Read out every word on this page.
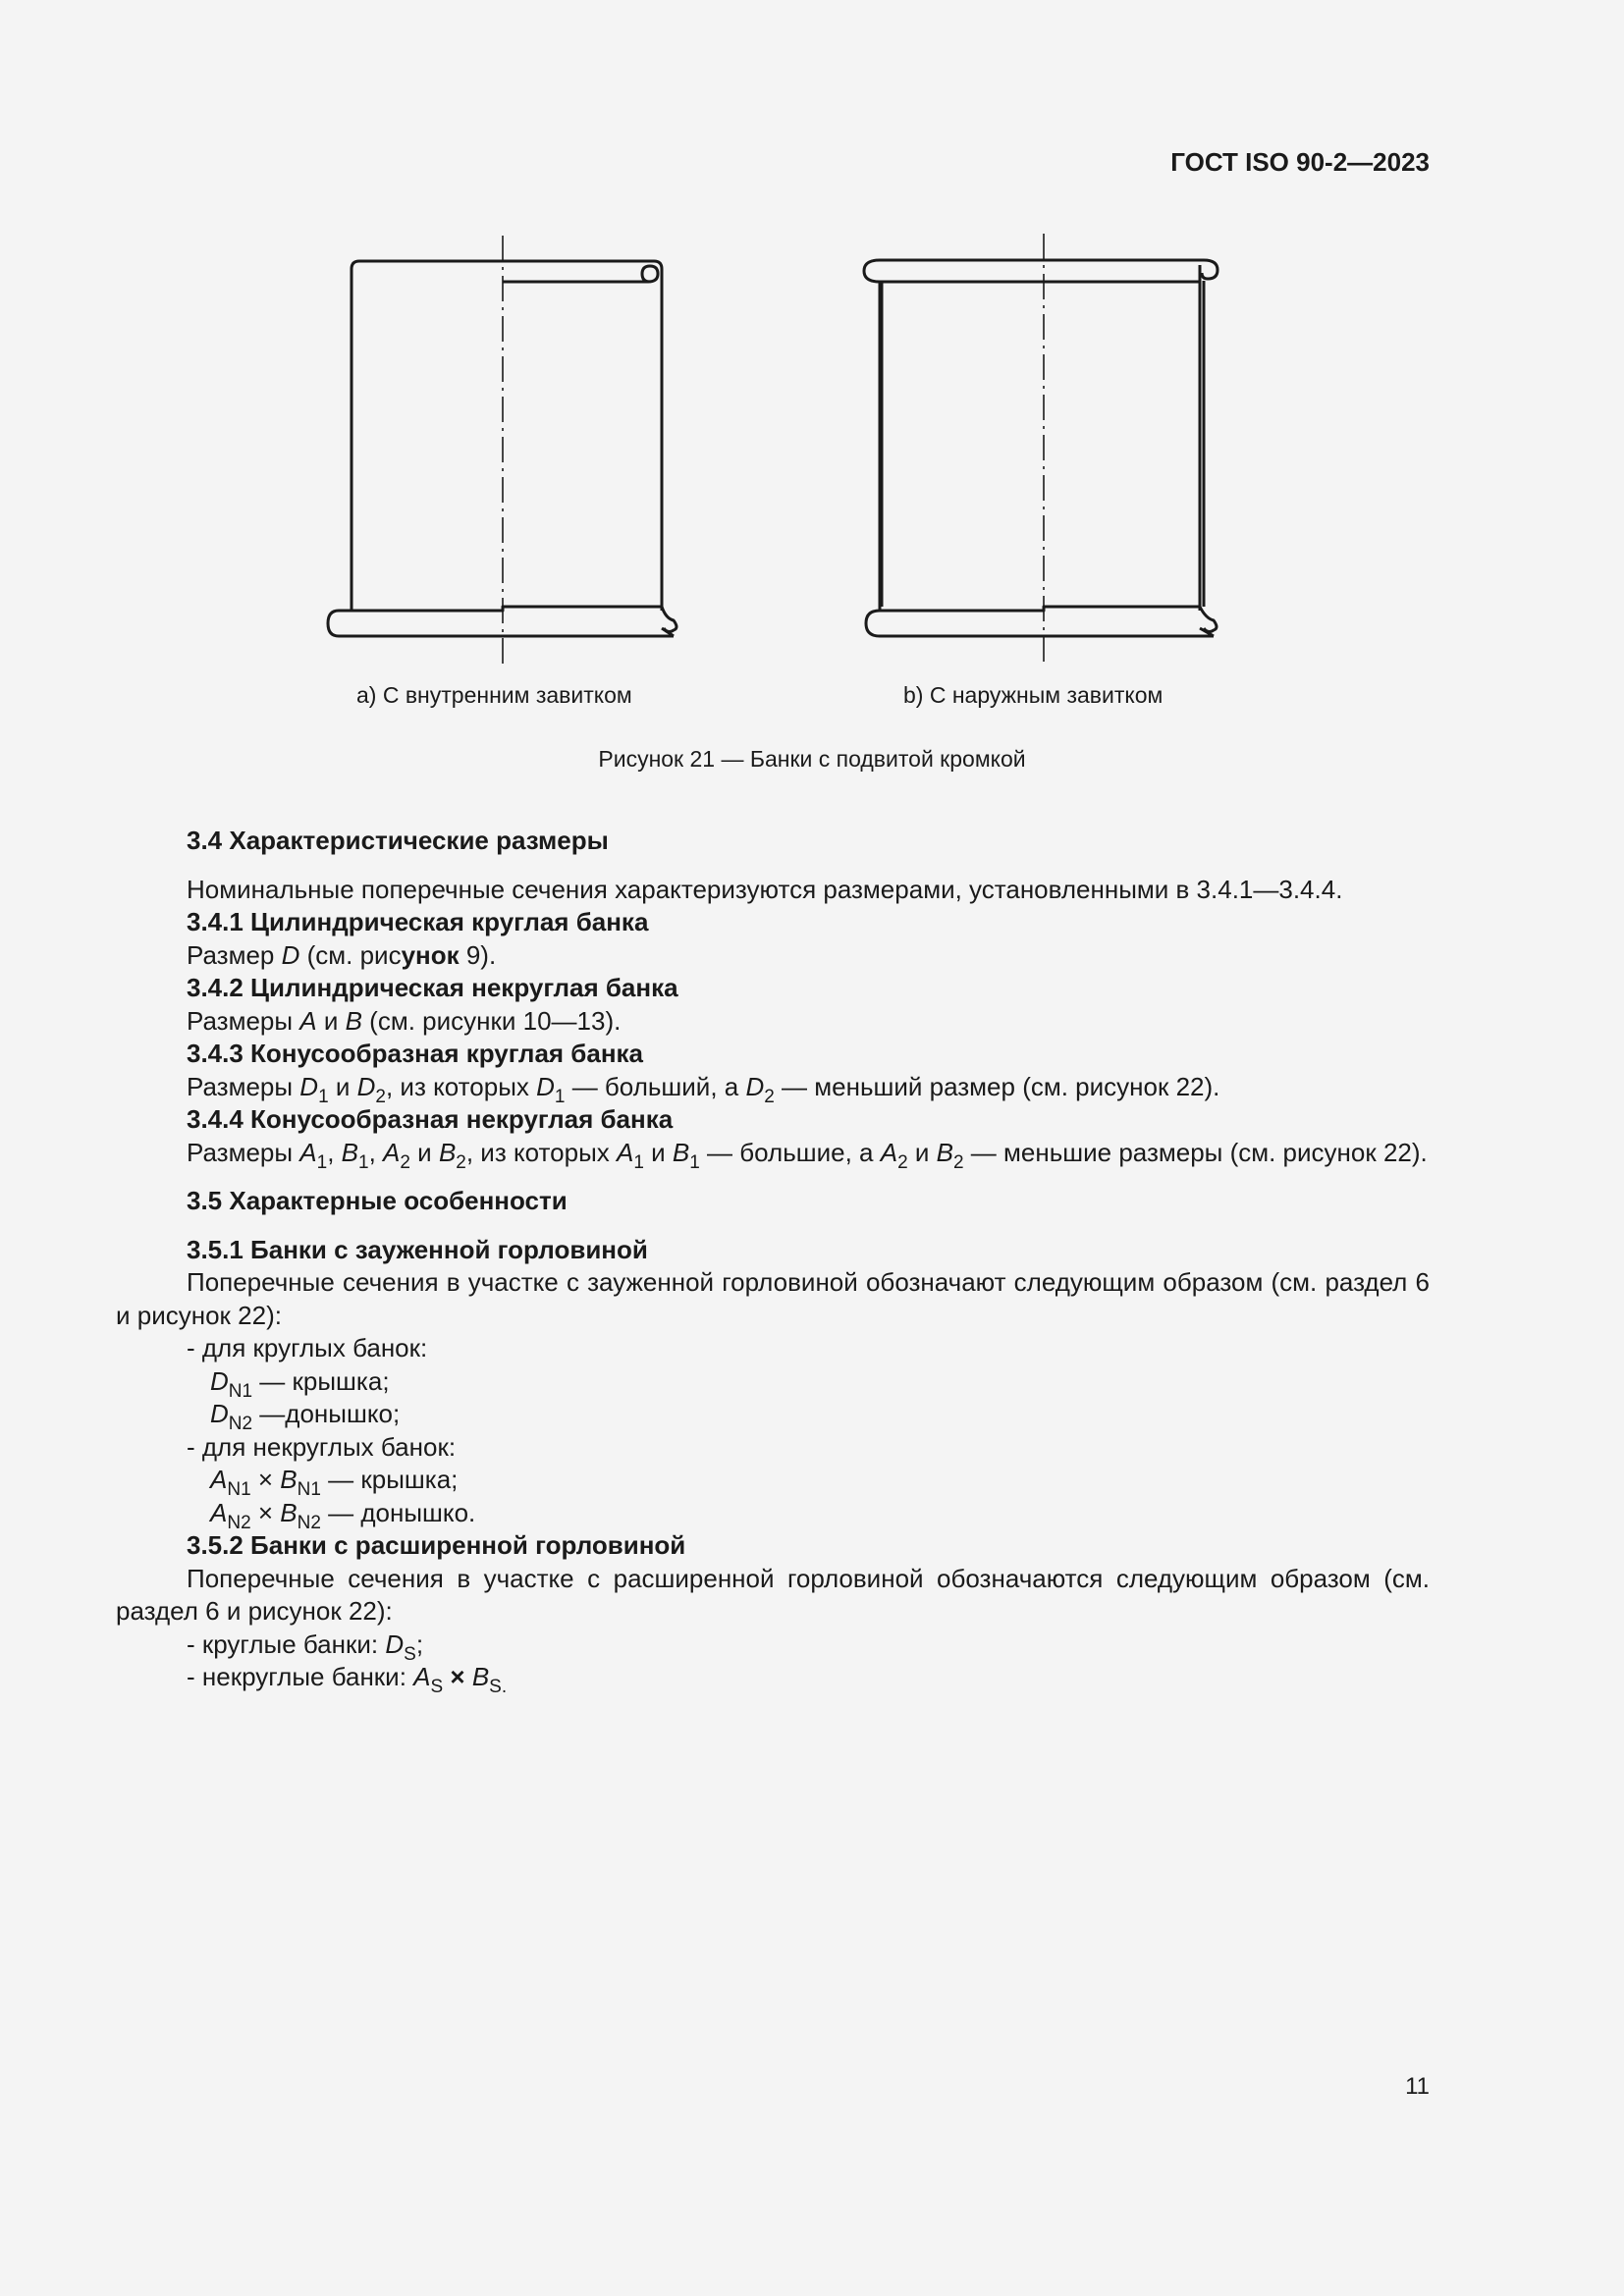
ГОСТ ISO 90-2—2023
a) С внутренним завитком	b) С наружным завитком
Рисунок 21 — Банки с подвитой кромкой
3.4 Характеристические размеры
Номинальные поперечные сечения характеризуются размерами, установленными в 3.4.1—3.4.4.
3.4.1 Цилиндрическая круглая банка
Размер D (см. рисунок 9).
3.4.2 Цилиндрическая некруглая банка
Размеры A и B (см. рисунки 10—13).
3.4.3 Конусообразная круглая банка
Размеры $D_1$ и $D_2$, из которых $D_1$ — больший, а $D_2$ — меньший размер (см. рисунок 22).
3.4.4 Конусообразная некруглая банка
Размеры $A_1$, $B_1$, $A_2$ и $B_2$, из которых $A_1$ и $B_1$ — большие, а $A_2$ и $B_2$ — меньшие размеры (см. рисунок 22).
3.5 Характерные особенности
3.5.1 Банки с зауженной горловиной
Поперечные сечения в участке с зауженной горловиной обозначают следующим образом (см. раздел 6 и рисунок 22):
- для круглых банок:
$D_{N1}$ — крышка;
$D_{N2}$ —донышко;
- для некруглых банок:
$A_{N1} \times B_{N1}$ — крышка;
$A_{N2} \times B_{N2}$ — донышко.
3.5.2 Банки с расширенной горловиной
Поперечные сечения в участке с расширенной горловиной обозначаются следующим образом (см. раздел 6 и рисунок 22):
- круглые банки: $D_S$;
- некруглые банки: $A_S \times B_{S.}$
11
